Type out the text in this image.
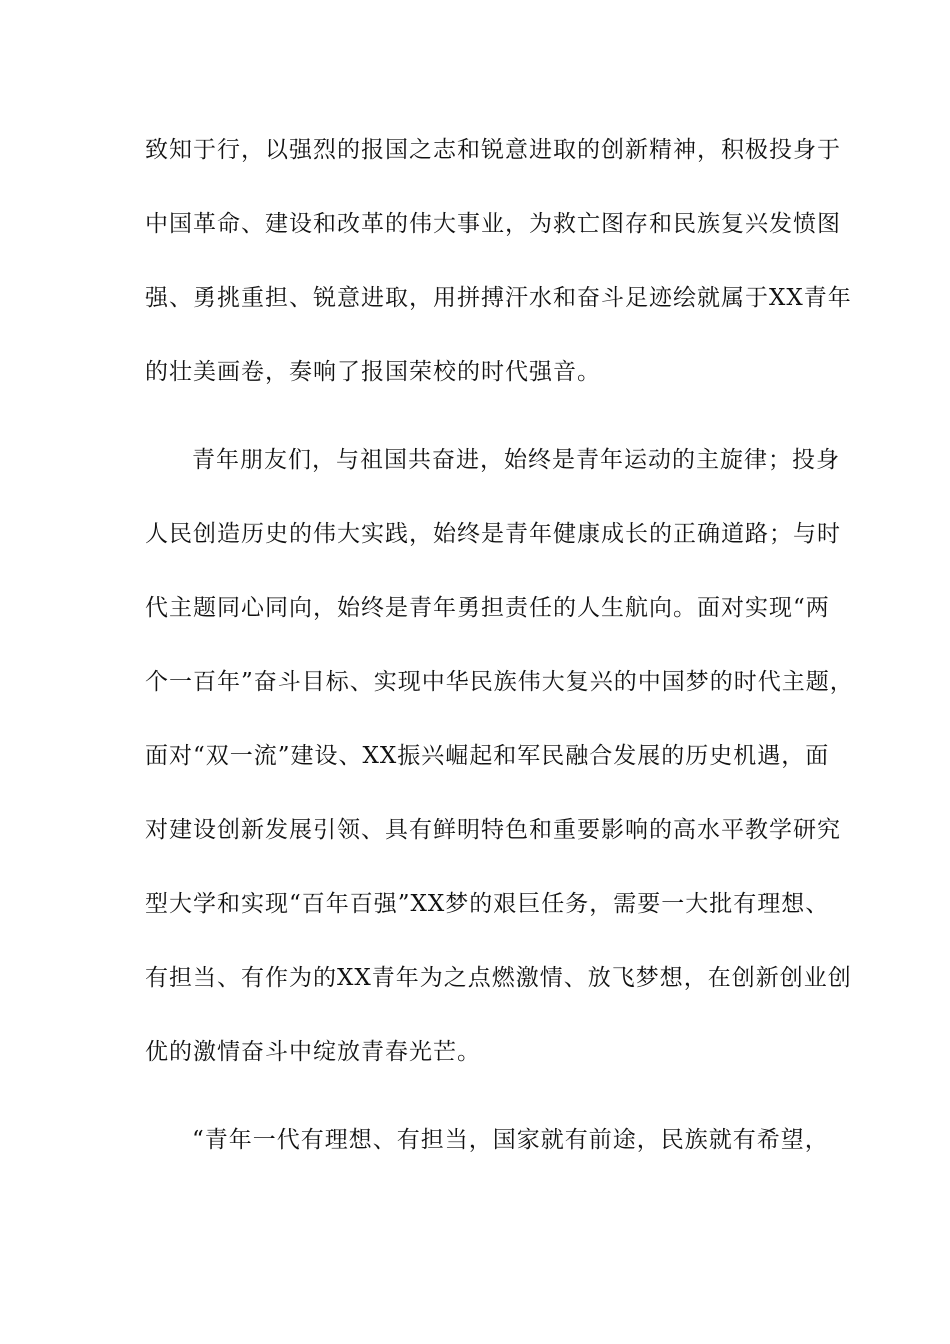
致知于行，以强烈的报国之志和锐意进取的创新精神，积极投身于
中国革命、建设和改革的伟大事业，为救亡图存和民族复兴发愤图
强、勇挑重担、锐意进取，用拼搏汗水和奋斗足迹绘就属于XX青年
的壮美画卷，奏响了报国荣校的时代强音。
青年朋友们，与祖国共奋进，始终是青年运动的主旋律；投身
人民创造历史的伟大实践，始终是青年健康成长的正确道路；与时
代主题同心同向，始终是青年勇担责任的人生航向。面对实现“两
个一百年”奋斗目标、实现中华民族伟大复兴的中国梦的时代主题，
面对“双一流”建设、XX振兴崛起和军民融合发展的历史机遇，面
对建设创新发展引领、具有鲜明特色和重要影响的高水平教学研究
型大学和实现“百年百强”XX梦的艰巨任务，需要一大批有理想、
有担当、有作为的XX青年为之点燃激情、放飞梦想，在创新创业创
优的激情奋斗中绽放青春光芒。
“青年一代有理想、有担当，国家就有前途，民族就有希望，
